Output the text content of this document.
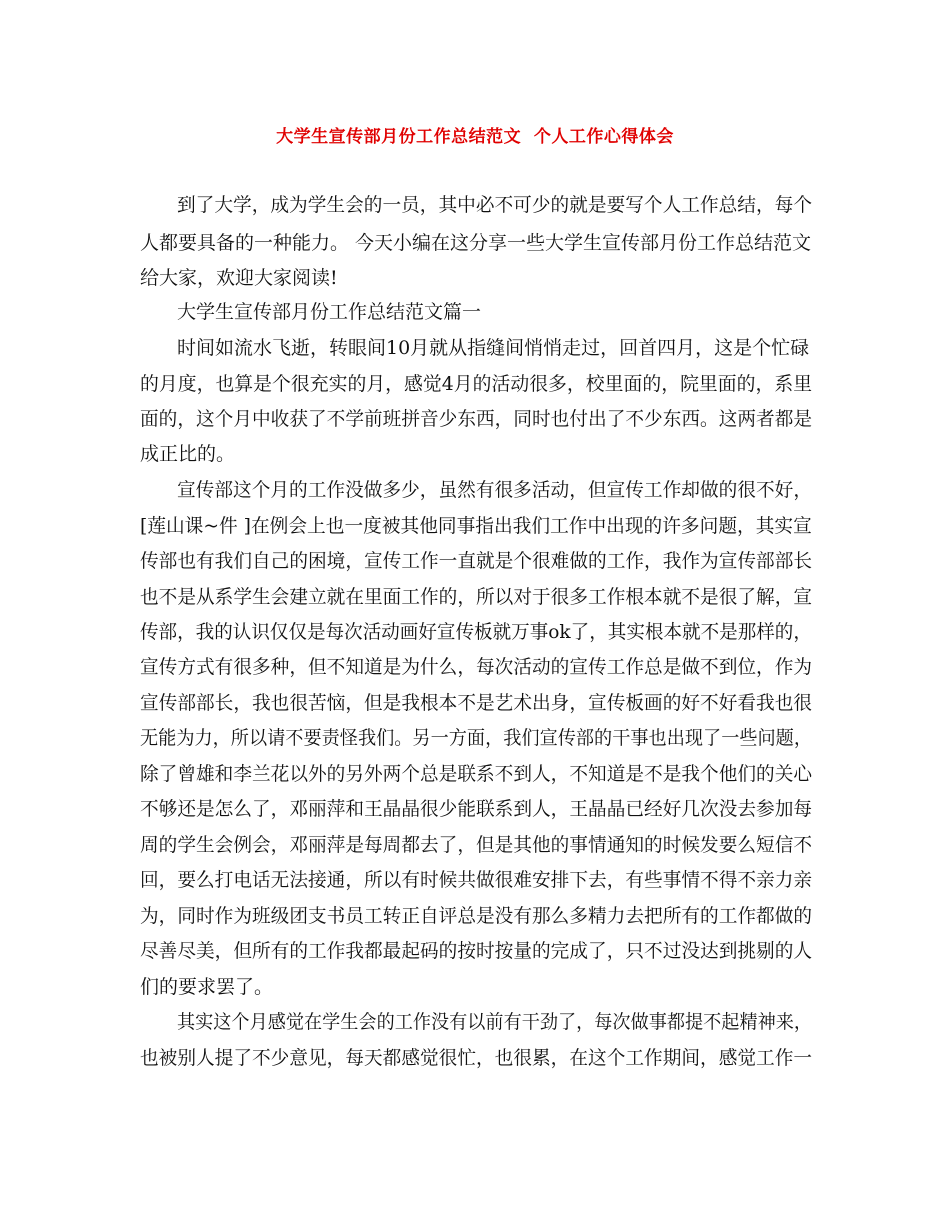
大学生宣传部月份工作总结范文  个人工作心得体会
到了大学，成为学生会的一员，其中必不可少的就是要写个人工作总结，每个
人都要具备的一种能力。 今天小编在这分享一些大学生宣传部月份工作总结范文
给大家，欢迎大家阅读!
大学生宣传部月份工作总结范文篇一
时间如流水飞逝，转眼间10月就从指缝间悄悄走过，回首四月，这是个忙碌
的月度，也算是个很充实的月，感觉4月的活动很多，校里面的，院里面的，系里
面的，这个月中收获了不学前班拼音少东西，同时也付出了不少东西。这两者都是
成正比的。
宣传部这个月的工作没做多少，虽然有很多活动，但宣传工作却做的很不好，
[莲山课~件 ]在例会上也一度被其他同事指出我们工作中出现的许多问题，其实宣
传部也有我们自己的困境，宣传工作一直就是个很难做的工作，我作为宣传部部长
也不是从系学生会建立就在里面工作的，所以对于很多工作根本就不是很了解，宣
传部，我的认识仅仅是每次活动画好宣传板就万事ok了，其实根本就不是那样的，
宣传方式有很多种，但不知道是为什么，每次活动的宣传工作总是做不到位，作为
宣传部部长，我也很苦恼，但是我根本不是艺术出身，宣传板画的好不好看我也很
无能为力，所以请不要责怪我们。另一方面，我们宣传部的干事也出现了一些问题，
除了曾雄和李兰花以外的另外两个总是联系不到人，不知道是不是我个他们的关心
不够还是怎么了，邓丽萍和王晶晶很少能联系到人，王晶晶已经好几次没去参加每
周的学生会例会，邓丽萍是每周都去了，但是其他的事情通知的时候发要么短信不
回，要么打电话无法接通，所以有时候共做很难安排下去，有些事情不得不亲力亲
为，同时作为班级团支书员工转正自评总是没有那么多精力去把所有的工作都做的
尽善尽美，但所有的工作我都最起码的按时按量的完成了，只不过没达到挑剔的人
们的要求罢了。
其实这个月感觉在学生会的工作没有以前有干劲了，每次做事都提不起精神来，
也被别人提了不少意见，每天都感觉很忙，也很累，在这个工作期间，感觉工作一
